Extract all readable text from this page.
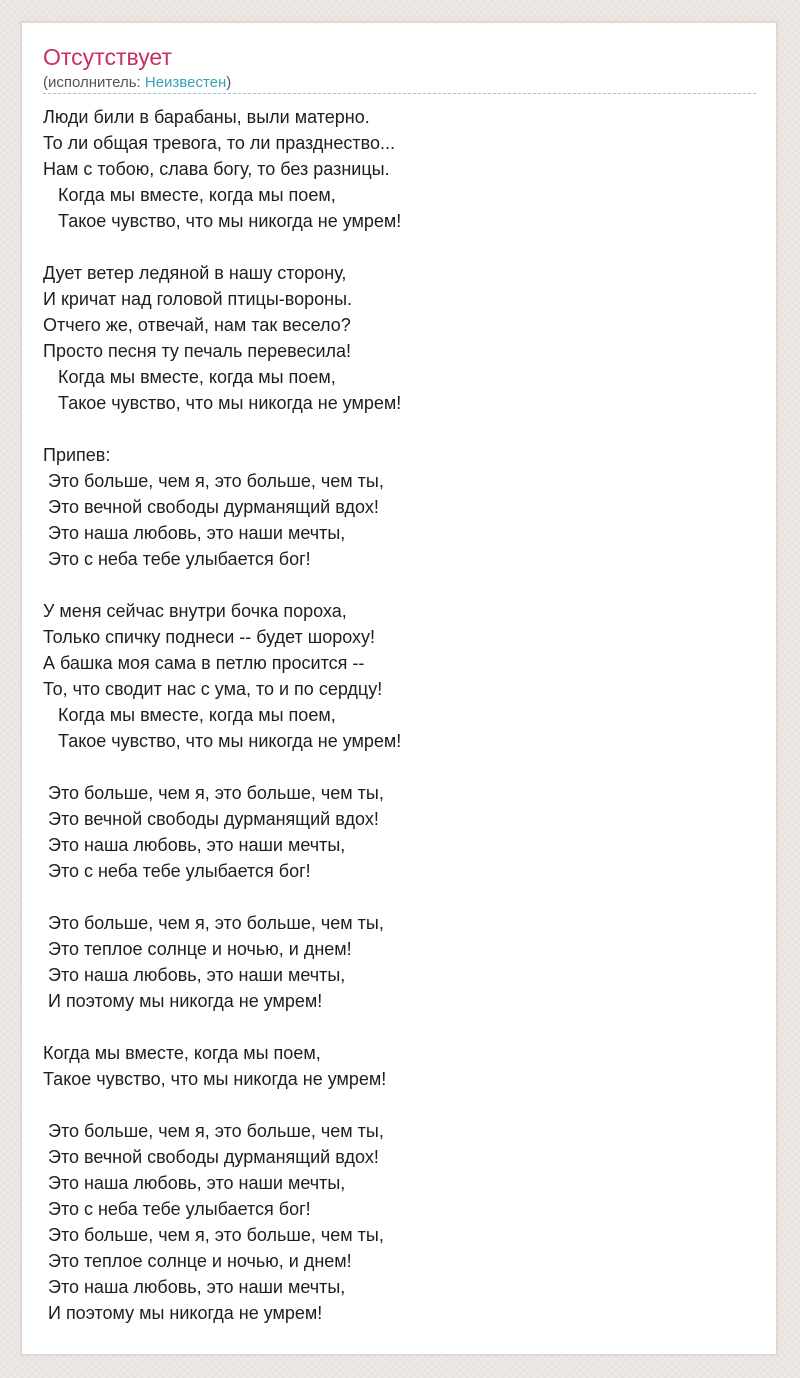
Отсутствует
(исполнитель: Неизвестен)
Люди били в барабаны, выли матерно.
То ли общая тревога, то ли празднество...
Нам с тобою, слава богу, то без разницы.
Когда мы вместе, когда мы поем,
Такое чувство, что мы никогда не умрем!
Дует ветер ледяной в нашу сторону,
И кричат над головой птицы-вороны.
Отчего же, отвечай, нам так весело?
Просто песня ту печаль перевесила!
Когда мы вместе, когда мы поем,
Такое чувство, что мы никогда не умрем!
Припев:
Это больше, чем я, это больше, чем ты,
Это вечной свободы дурманящий вдох!
Это наша любовь, это наши мечты,
Это с неба тебе улыбается бог!
У меня сейчас внутри бочка пороха,
Только спичку поднеси -- будет шороху!
А башка моя сама в петлю просится --
То, что сводит нас с ума, то и по сердцу!
Когда мы вместе, когда мы поем,
Такое чувство, что мы никогда не умрем!
Это больше, чем я, это больше, чем ты,
Это вечной свободы дурманящий вдох!
Это наша любовь, это наши мечты,
Это с неба тебе улыбается бог!
Это больше, чем я, это больше, чем ты,
Это теплое солнце и ночью, и днем!
Это наша любовь, это наши мечты,
И поэтому мы никогда не умрем!
Когда мы вместе, когда мы поем,
Такое чувство, что мы никогда не умрем!
Это больше, чем я, это больше, чем ты,
Это вечной свободы дурманящий вдох!
Это наша любовь, это наши мечты,
Это с неба тебе улыбается бог!
Это больше, чем я, это больше, чем ты,
Это теплое солнце и ночью, и днем!
Это наша любовь, это наши мечты,
И поэтому мы никогда не умрем!
